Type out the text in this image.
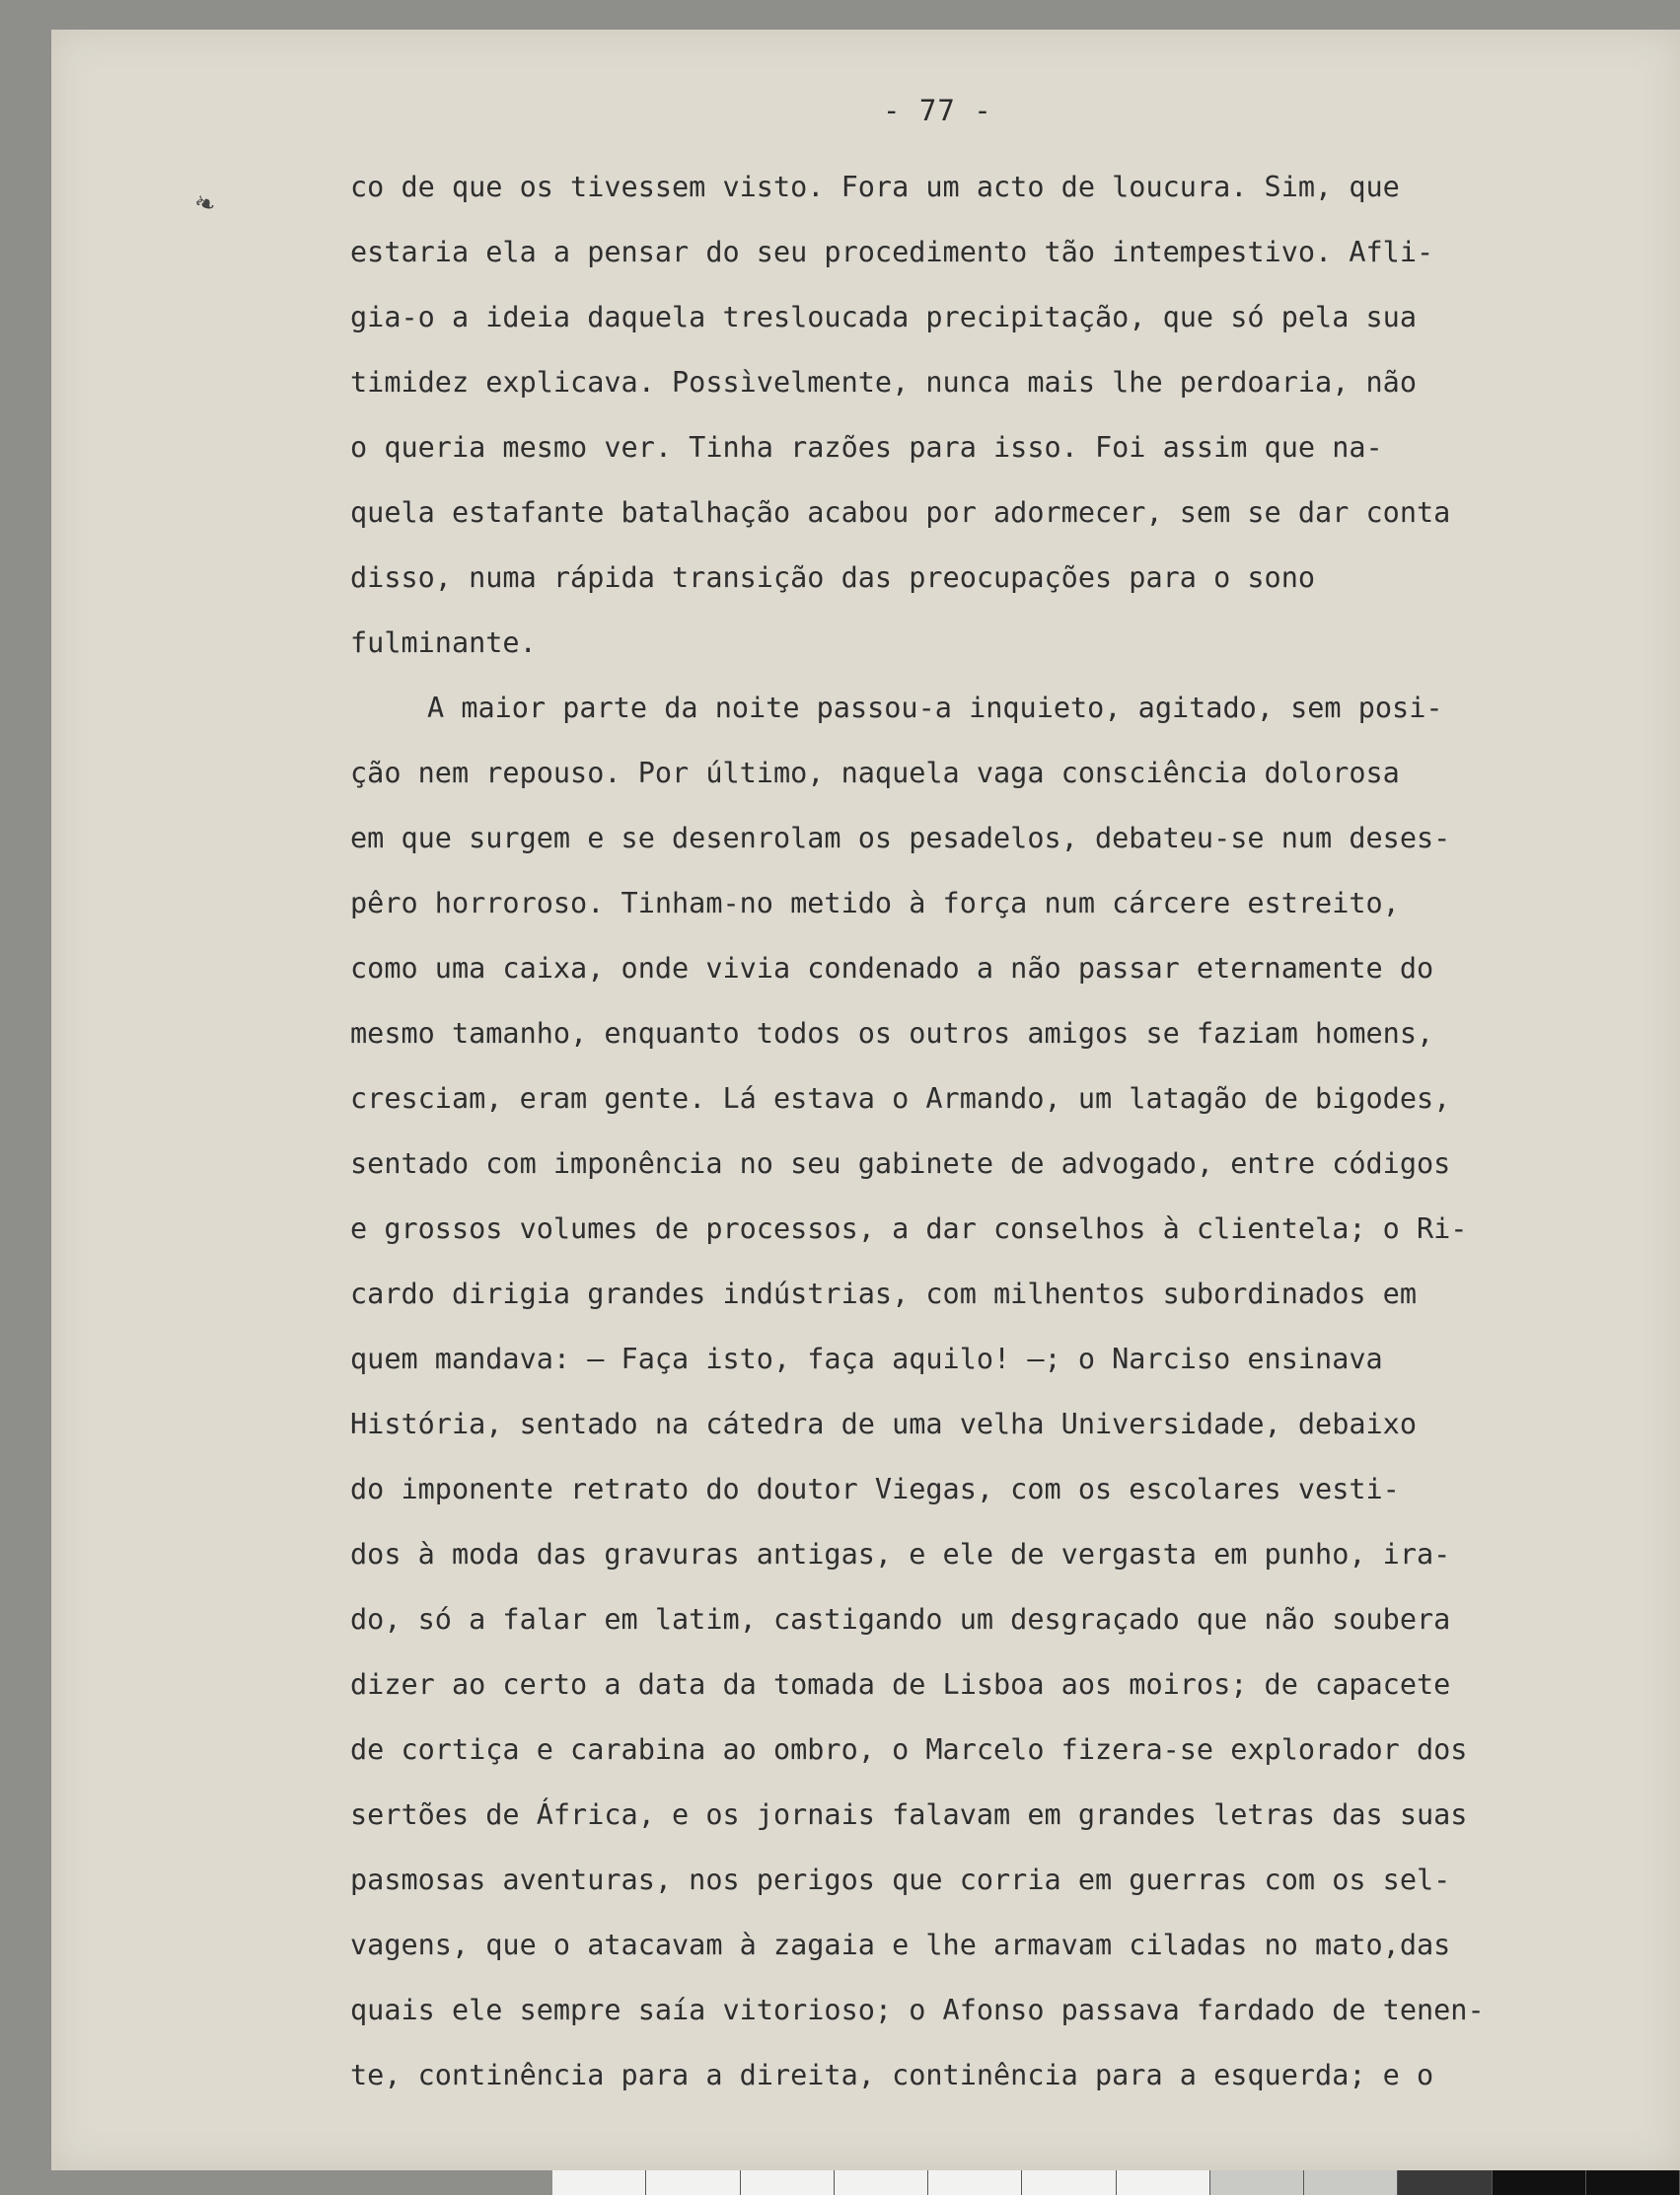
❧
- 77 -
co de que os tivessem visto. Fora um acto de loucura. Sim, que
estaria ela a pensar do seu procedimento tão intempestivo. Afli-
gia-o a ideia daquela tresloucada precipitação, que só pela sua
timidez explicava. Possìvelmente, nunca mais lhe perdoaria, não
o queria mesmo ver. Tinha razões para isso. Foi assim que na-
quela estafante batalhação acabou por adormecer, sem se dar conta
disso, numa rápida transição das preocupações para o sono
fulminante.
A maior parte da noite passou-a inquieto, agitado, sem posi-
ção nem repouso. Por último, naquela vaga consciência dolorosa
em que surgem e se desenrolam os pesadelos, debateu-se num deses-
pêro horroroso. Tinham-no metido à força num cárcere estreito,
como uma caixa, onde vivia condenado a não passar eternamente do
mesmo tamanho, enquanto todos os outros amigos se faziam homens,
cresciam, eram gente. Lá estava o Armando, um latagão de bigodes,
sentado com imponência no seu gabinete de advogado, entre códigos
e grossos volumes de processos, a dar conselhos à clientela; o Ri-
cardo dirigia grandes indústrias, com milhentos subordinados em
quem mandava: — Faça isto, faça aquilo! —; o Narciso ensinava
História, sentado na cátedra de uma velha Universidade, debaixo
do imponente retrato do doutor Viegas, com os escolares vesti-
dos à moda das gravuras antigas, e ele de vergasta em punho, ira-
do, só a falar em latim, castigando um desgraçado que não soubera
dizer ao certo a data da tomada de Lisboa aos moiros; de capacete
de cortiça e carabina ao ombro, o Marcelo fizera-se explorador dos
sertões de África, e os jornais falavam em grandes letras das suas
pasmosas aventuras, nos perigos que corria em guerras com os sel-
vagens, que o atacavam à zagaia e lhe armavam ciladas no mato,das
quais ele sempre saía vitorioso; o Afonso passava fardado de tenen-
te, continência para a direita, continência para a esquerda; e o
